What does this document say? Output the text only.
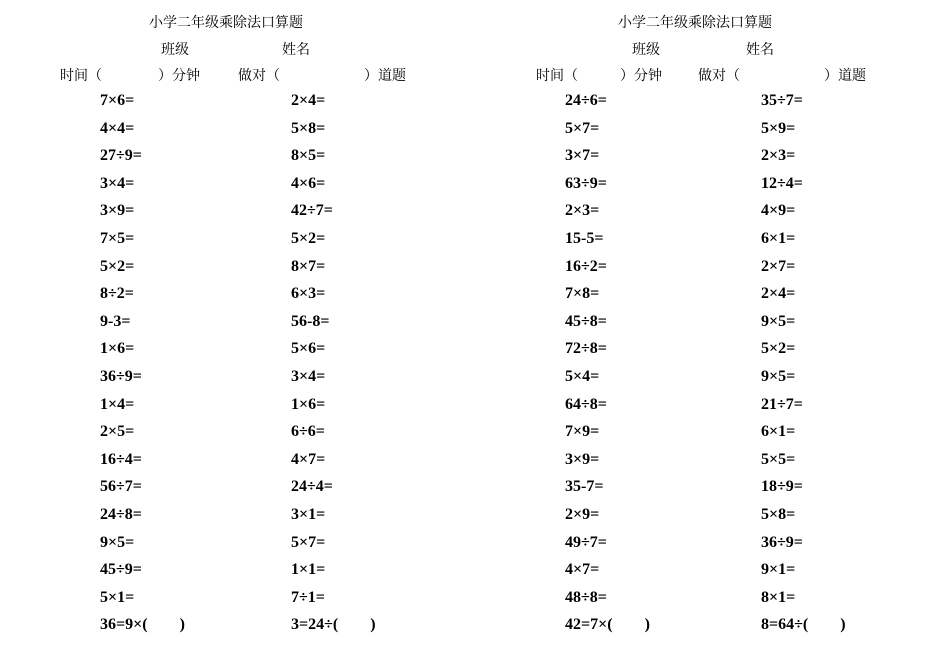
小学二年级乘除法口算题
班级	姓名
时间（　　　　）分钟	做对（　　　　　　）道题
7×6=
4×4=
27÷9=
3×4=
3×9=
7×5=
5×2=
8÷2=
9-3=
1×6=
36÷9=
1×4=
2×5=
16÷4=
56÷7=
24÷8=
9×5=
45÷9=
5×1=
36=9×(　　)
2×4=
5×8=
8×5=
4×6=
42÷7=
5×2=
8×7=
6×3=
56-8=
5×6=
3×4=
1×6=
6÷6=
4×7=
24÷4=
3×1=
5×7=
1×1=
7÷1=
3=24÷(　　)
小学二年级乘除法口算题
班级	姓名
时间（　　　）分钟	做对（　　　　　　）道题
24÷6=
5×7=
3×7=
63÷9=
2×3=
15-5=
16÷2=
7×8=
45÷8=
72÷8=
5×4=
64÷8=
7×9=
3×9=
35-7=
2×9=
49÷7=
4×7=
48÷8=
42=7×(　　)
35÷7=
5×9=
2×3=
12÷4=
4×9=
6×1=
2×7=
2×4=
9×5=
5×2=
9×5=
21÷7=
6×1=
5×5=
18÷9=
5×8=
36÷9=
9×1=
8×1=
8=64÷(　　)
